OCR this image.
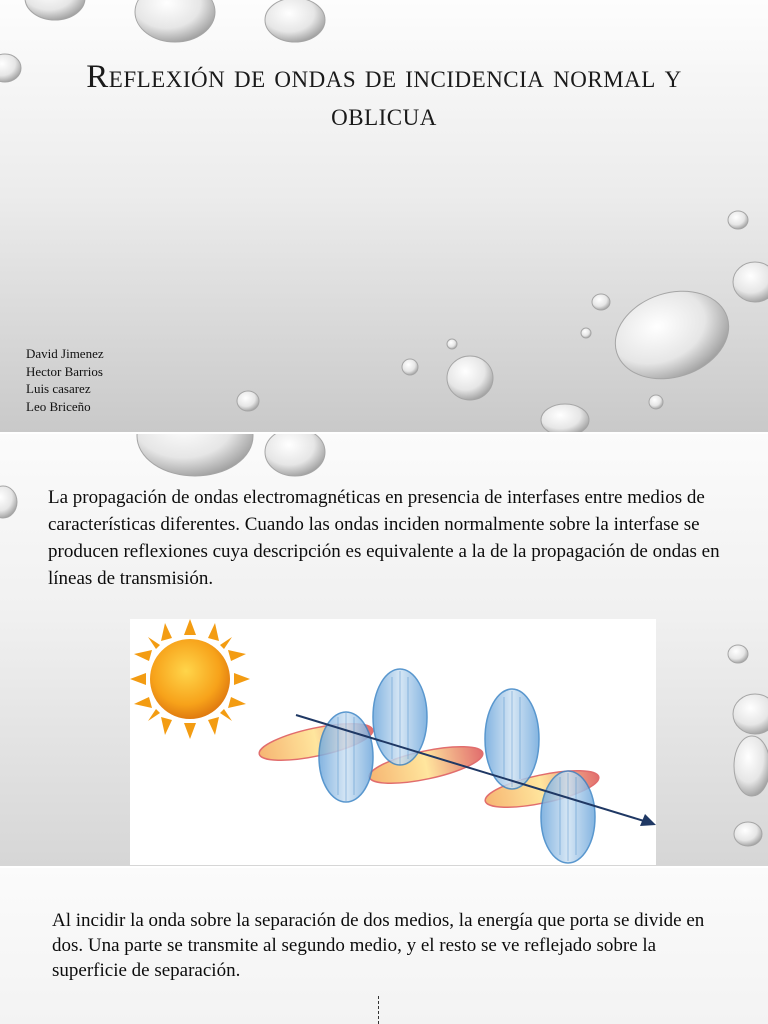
Reflexión de ondas de incidencia normal y oblicua
David Jimenez
Hector Barrios
Luis casarez
Leo Briceño

La propagación de ondas electromagnéticas en presencia de interfases entre medios de características diferentes. Cuando las ondas inciden normalmente sobre la interfase se producen reflexiones cuya descripción es equivalente a la de la propagación de ondas en líneas de transmisión.

Al incidir la onda sobre la separación de dos medios, la energía que porta se divide en dos. Una parte se transmite al segundo medio, y el resto se ve reflejado sobre la superficie de separación.
